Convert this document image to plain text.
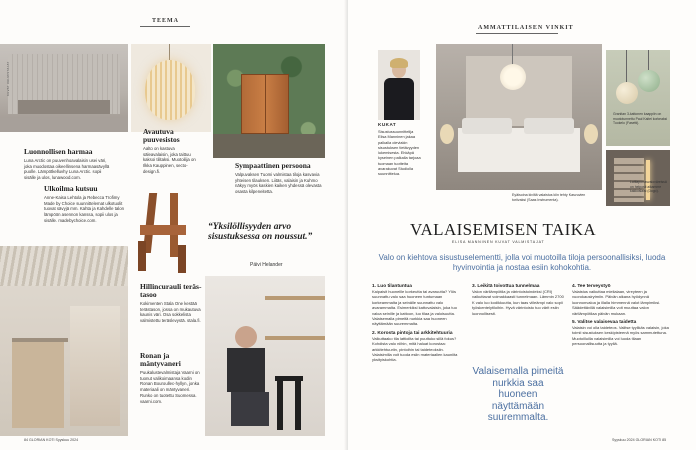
TEEMA
Luonnollisen harmaa
Luna Arctic on puuvenhoavalaisin usei väri, joka muodostaa oikeellinsena harmaasävyllä puolle. Lämpötkelluvhy Luna Arctic. sopii sisälle ja ulos, lunawood.com.
Avautuva puuvesistos
Aalto on kastuva säleavalaisin, joka taittuu kaksoi tilitaksi. Muotoilija on Ilkka Kauppinen, secto-design.fi.
Sympaattinen persoona
Valpuvaksen Tuomi valmistaa tiloja kasvavia yhteisen tilauksen. Liitäs, valaisin ja Kuhmo näkyy myös kaskien kaiken yhdessä olevasta osasta kilpeneitetta.
Ulkoilma kutsuu
Anne-Kaisa Lehtola ja Rebecca Trofimy Made by Choice suunnittelemat ulkotuolit tuovat sävyjä mm. Kahta ja Kahdelle talon lämpöön asennon kanssa, sopii ulos ja sisälle. madebychoice.com.
“Yksilöllisyyden arvo sisustuksessa on noussut.”
Päivi Helander
Hillincurauli terästasoo
Kokimenten Stala One kestää terästason, jossa on mukautuva kaunis väri. Osa sokkelista valmistettu teräslevystä. stala.fi.
Ronan ja mäntyvaneri
Puukalustevalmistaja Vaarni on tuonut valikoimaansa kodin Ronan Bouroullec-hyllyn, jonka materiaali on mäntyvaneri. Runko on tuotettu Suomessa. vaarni.com.
KUVAT VALMISTAJAT
84 GLORIAN KOTI Syyskuu 2024
AMMATTILAISEN VINKIT
KUKAT
Sisustussuunnittelija Elisa Manninen jakaa palkalla oleviakin sisustuksen tietävyyden lukemisesta. Ehkäpä kyseinen palkalla tarjoaa tuomaan tuotteita avarakuvat Studiolla suunnittelua.
Eyäisoina kiviltä valaistus kiin tehty Kasvuvien toriivaksi (Saas Instrumenta).
Granitan 3-kattonen kaappiin on muototunnettu Paul Kaitei korkeaksi Tuokelo (Fasetti).
Lattiaporrasvaloväreissä on helposti aikamme kakkoslaisi (Dogo).
VALAISEMISEN TAIKA
ELISA MANNINEN KUVAT VALMISTAJAT
Valo on kiehtova sisustuselementti, jolla voi muotoilla tiloja persoonallisiksi, luoda hyvinvointia ja nostaa esiin kohokohtia.
1. Luo tilantuntua
Kaipaisit huoneille korkeutta tai avaruutta? Ylös suunnattu valo saa huoneen tuntumaan korkeammalta ja seinälle suunnattu valo avarammalta. Esimerkiksi kattovalaisin, joka tuo valoa seinille ja kattoon, luo tilaa ja valoisuutta. Valaisemalla pimeitä nurkkia saa huoneen näyttämään suuremmalta.
2. Korosta pintoja tai arkkitehtuuria
Valkuttaako tila lattioilta tai puuttuko sillä fokus? Kohdista valo niihin, mitä haluat korostaa: arkkitehtuuriin, pintoihin tai taideteoksiin. Valaisimilla voit tuoda esiin materiaalien kauniita yksityiskohtia.
3. Leikitä toivottua tunnelmaa
Valon värilämpötila ja värintoistoindeksi (CRI) vaikuttavat voimakkaasti tunnelmaan. Lämmin 2700 K valo luo kodikkuutta, kun taas viileämpi valo sopii työskentelytiloihin. Hyvä värintoisto tuo värit esiin luonnollisesti.
Valaisemalla pimeitä nurkkia saa huoneen näyttämään suuremmalta.
4. Tee terveystyö
Valaistus vaikuttaa mielialaan, vireyteen ja vuorokausirytmiin. Päivän aikana hyödynnä luonnonvaloa ja illalla himmennä valot lämpimiksi. Säädettävillä valaisimilla voit muuttaa valon värilämpötilaa päivän mukaan.
5. Valitse valaisevaa taidetta
Valaisin voi olla taideteos. Valitse tyylikäs valaisin, joka toimii sisustuksen keskipisteenä myös sammutettuna. Muotoilluilla valaisimilla voi luoda tilaan persoonallisuutta ja tyyliä.
Syyskuu 2024 GLORIAN KOTI 85
